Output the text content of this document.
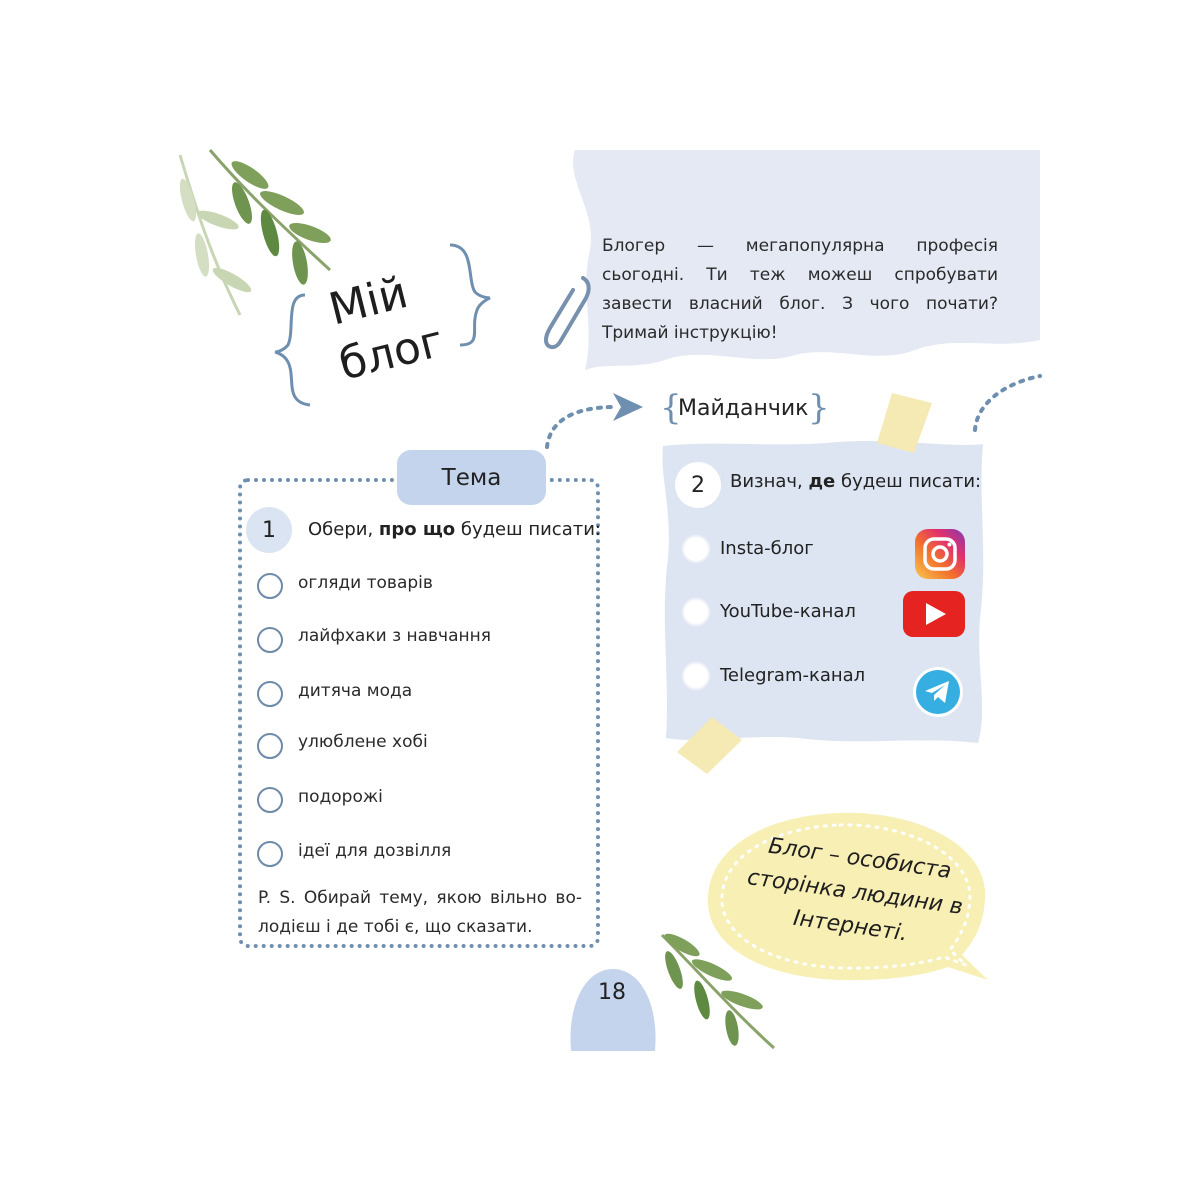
Мій
блог
Блогер — мегапопулярна професія сьогодні. Ти теж можеш спробувати завести власний блог. З чого почати? Тримай інструкцію!
Тема
1	Обери, про що будеш писати:
огляди товарів
лайфхаки з навчання
дитяча мода
улюблене хобі
подорожі
ідеї для дозвілля
P. S. Обирай тему, якою вільно во-лодієш і де тобі є, що сказати.
{
Майданчик }
2	Визнач, де будеш писати:
Insta-блог
YouTube-канал
Telegram-канал
Блог – особиста сторінка людини в Інтернеті.
18
